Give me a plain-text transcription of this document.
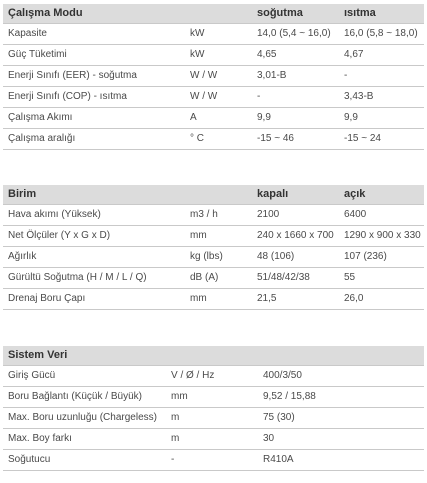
Çalışma Modu		soğutma	ısıtma
Kapasite	kW	14,0 (5,4 ~ 16,0)	16,0 (5,8 ~ 18,0)
Güç Tüketimi	kW	4,65	4,67
Enerji Sınıfı (EER) - soğutma	W / W	3,01-B	-
Enerji Sınıfı (COP) - ısıtma	W / W	-	3,43-B
Çalışma Akımı	A	9,9	9,9
Çalışma aralığı	° C	-15 ~ 46	-15 ~ 24
Birim		kapalı	açık
Hava akımı (Yüksek)	m3 / h	2100	6400
Net Ölçüler (Y x G x D)	mm	240 x 1660 x 700	1290 x 900 x 330
Ağırlık	kg (lbs)	48 (106)	107 (236)
Gürültü Soğutma (H / M / L / Q)	dB (A)	51/48/42/38	55
Drenaj Boru Çapı	mm	21,5	26,0
Sistem Veri		
Giriş Gücü	V / Ø / Hz	400/3/50
Boru Bağlantı (Küçük / Büyük)	mm	9,52 / 15,88
Max. Boru uzunluğu (Chargeless)	m	75 (30)
Max. Boy farkı	m	30
Soğutucu	-	R410A
